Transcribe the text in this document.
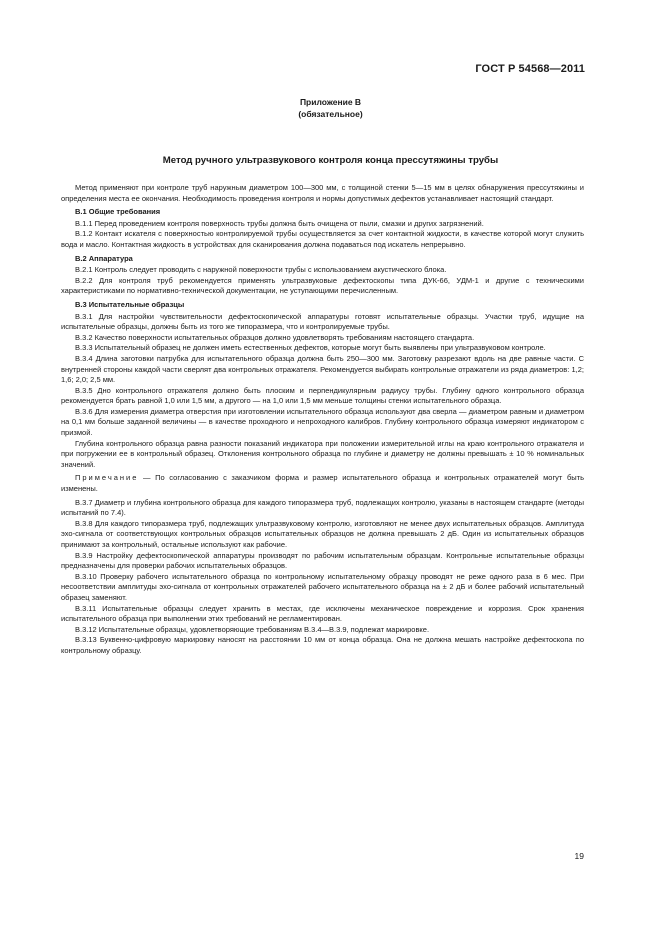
ГОСТ Р 54568—2011
Приложение В
(обязательное)
Метод ручного ультразвукового контроля конца прессутяжины трубы

Метод применяют при контроле труб наружным диаметром 100—300 мм, с толщиной стенки 5—15 мм в целях обнаружения прессутяжины и определения места ее окончания. Необходимость проведения контроля и нормы допустимых дефектов устанавливает настоящий стандарт.

В.1 Общие требования

В.1.1 Перед проведением контроля поверхность трубы должна быть очищена от пыли, смазки и других загрязнений.

В.1.2 Контакт искателя с поверхностью контролируемой трубы осуществляется за счет контактной жидкости, в качестве которой могут служить вода и масло. Контактная жидкость в устройствах для сканирования должна подаваться под искатель непрерывно.

В.2 Аппаратура

В.2.1 Контроль следует проводить с наружной поверхности трубы с использованием акустического блока.

В.2.2 Для контроля труб рекомендуется применять ультразвуковые дефектоскопы типа ДУК-66, УДМ-1 и другие с техническими характеристиками по нормативно-технической документации, не уступающими перечисленным.

В.3 Испытательные образцы

В.3.1 Для настройки чувствительности дефектоскопической аппаратуры готовят испытательные образцы. Участки труб, идущие на испытательные образцы, должны быть из того же типоразмера, что и контролируемые трубы.

В.3.2 Качество поверхности испытательных образцов должно удовлетворять требованиям настоящего стандарта.

В.3.3 Испытательный образец не должен иметь естественных дефектов, которые могут быть выявлены при ультразвуковом контроле.

В.3.4 Длина заготовки патрубка для испытательного образца должна быть 250—300 мм. Заготовку разрезают вдоль на две равные части. С внутренней стороны каждой части сверлят два контрольных отражателя. Рекомендуется выбирать контрольные отражатели из ряда диаметров: 1,2; 1,6; 2,0; 2,5 мм.

В.3.5 Дно контрольного отражателя должно быть плоским и перпендикулярным радиусу трубы. Глубину одного контрольного образца рекомендуется брать равной 1,0 или 1,5 мм, а другого — на 1,0 или 1,5 мм меньше толщины стенки испытательного образца.

В.3.6 Для измерения диаметра отверстия при изготовлении испытательного образца используют два сверла — диаметром равным и диаметром на 0,1 мм больше заданной величины — в качестве проходного и непроходного калибров. Глубину контрольного образца измеряют индикатором с призмой.

Глубина контрольного образца равна разности показаний индикатора при положении измерительной иглы на краю контрольного отражателя и при погружении ее в контрольный образец. Отклонения контрольного образца по глубине и диаметру не должны превышать ± 10 % номинальных значений.

Примечание — По согласованию с заказчиком форма и размер испытательного образца и контрольных отражателей могут быть изменены.

В.3.7 Диаметр и глубина контрольного образца для каждого типоразмера труб, подлежащих контролю, указаны в настоящем стандарте (методы испытаний по 7.4).

В.3.8 Для каждого типоразмера труб, подлежащих ультразвуковому контролю, изготовляют не менее двух испытательных образцов. Амплитуда эхо-сигнала от соответствующих контрольных образцов испытательных образцов не должна превышать 2 дБ. Один из испытательных образцов принимают за контрольный, остальные используют как рабочие.

В.3.9 Настройку дефектоскопической аппаратуры производят по рабочим испытательным образцам. Контрольные испытательные образцы предназначены для проверки рабочих испытательных образцов.

В.3.10 Проверку рабочего испытательного образца по контрольному испытательному образцу проводят не реже одного раза в 6 мес. При несоответствии амплитуды эхо-сигнала от контрольных отражателей рабочего испытательного образца на ± 2 дБ и более рабочий испытательный образец заменяют.

В.3.11 Испытательные образцы следует хранить в местах, где исключены механическое повреждение и коррозия. Срок хранения испытательного образца при выполнении этих требований не регламентирован.

В.3.12 Испытательные образцы, удовлетворяющие требованиям В.3.4—В.3.9, подлежат маркировке.

В.3.13 Буквенно-цифровую маркировку наносят на расстоянии 10 мм от конца образца. Она не должна мешать настройке дефектоскопа по контрольному образцу.

19
